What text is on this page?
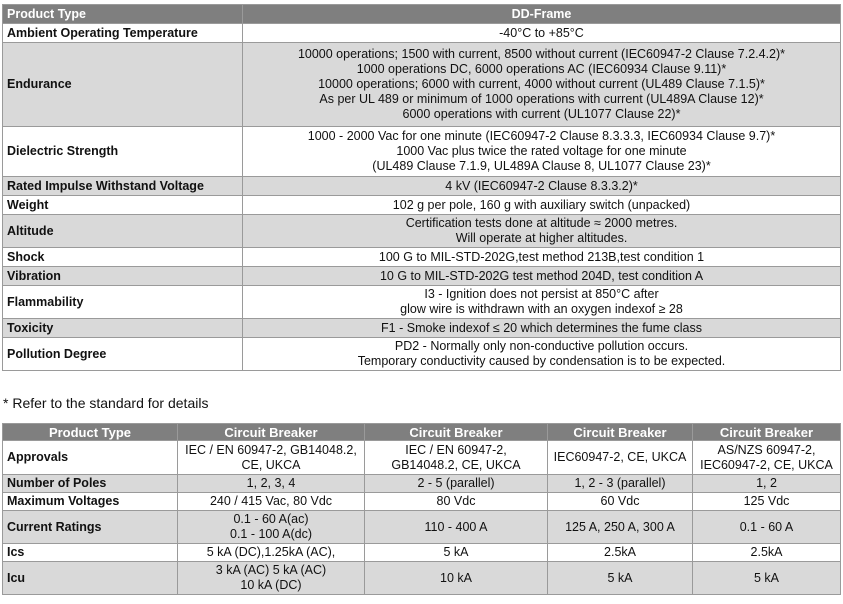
Product Type	DD-Frame
Ambient Operating Temperature	-40°C to +85°C

Endurance	10000 operations; 1500 with current, 8500 without current (IEC60947-2 Clause 7.2.4.2)*
1000 operations DC, 6000 operations AC (IEC60934 Clause 9.11)*
10000 operations; 6000 with current, 4000 without current (UL489 Clause 7.1.5)*
As per UL 489 or minimum of 1000 operations with current (UL489A Clause 12)*
6000 operations with current (UL1077 Clause 22)*

Dielectric Strength	1000 - 2000 Vac for one minute (IEC60947-2 Clause 8.3.3.3, IEC60934 Clause 9.7)*
1000 Vac plus twice the rated voltage for one minute
(UL489 Clause 7.1.9, UL489A Clause 8, UL1077 Clause 23)*

Rated Impulse Withstand Voltage	4 kV (IEC60947-2 Clause 8.3.3.2)*

Weight	102 g per pole, 160 g with auxiliary switch (unpacked)

Altitude	Certification tests done at altitude ≈ 2000 metres.
Will operate at higher altitudes.

Shock	100 G to MIL-STD-202G,test method 213B,test condition 1

Vibration	10 G to MIL-STD-202G test method 204D, test condition A

Flammability	I3 - Ignition does not persist at 850°C after
glow wire is withdrawn with an oxygen indexof ≥ 28

Toxicity	F1 - Smoke indexof ≤ 20 which determines the fume class

Pollution Degree	PD2 - Normally only non-conductive pollution occurs.
Temporary conductivity caused by condensation is to be expected.
* Refer to the standard for details
Product Type	Circuit Breaker	Circuit Breaker	Circuit Breaker	Circuit Breaker
Approvals	IEC / EN 60947-2, GB14048.2,
CE, UKCA	IEC / EN 60947-2,
GB14048.2, CE, UKCA	IEC60947-2, CE, UKCA	AS/NZS 60947-2,
IEC60947-2, CE, UKCA

Number of Poles	1, 2, 3, 4	2 - 5 (parallel)	1, 2 - 3 (parallel)	1, 2

Maximum Voltages	240 / 415 Vac, 80 Vdc	80 Vdc	60 Vdc	125 Vdc

Current Ratings	0.1 - 60 A(ac)
0.1 - 100 A(dc)	110 - 400 A	125 A, 250 A, 300 A	0.1 - 60 A

Ics	5 kA (DC),1.25kA (AC),	5 kA	2.5kA	2.5kA

Icu	3 kA (AC) 5 kA (AC)
10 kA (DC)	10 kA	5 kA	5 kA
